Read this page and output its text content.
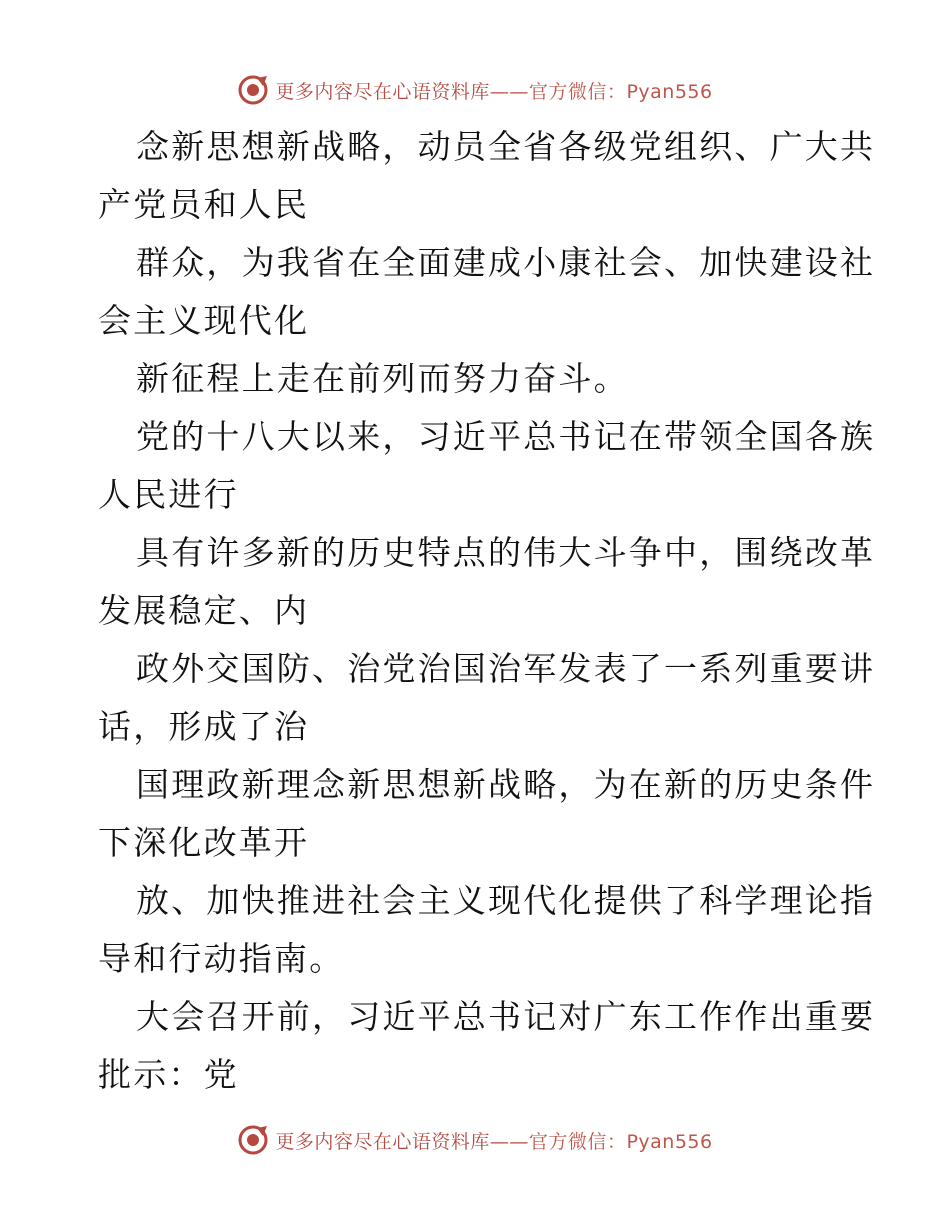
更多内容尽在心语资料库——官方微信：Pyan556
念新思想新战略，动员全省各级党组织、广大共
产党员和人民
群众，为我省在全面建成小康社会、加快建设社
会主义现代化
新征程上走在前列而努力奋斗。
党的十八大以来，习近平总书记在带领全国各族
人民进行
具有许多新的历史特点的伟大斗争中，围绕改革
发展稳定、内
政外交国防、治党治国治军发表了一系列重要讲
话，形成了治
国理政新理念新思想新战略，为在新的历史条件
下深化改革开
放、加快推进社会主义现代化提供了科学理论指
导和行动指南。
大会召开前，习近平总书记对广东工作作出重要
批示：党
更多内容尽在心语资料库——官方微信：Pyan556
